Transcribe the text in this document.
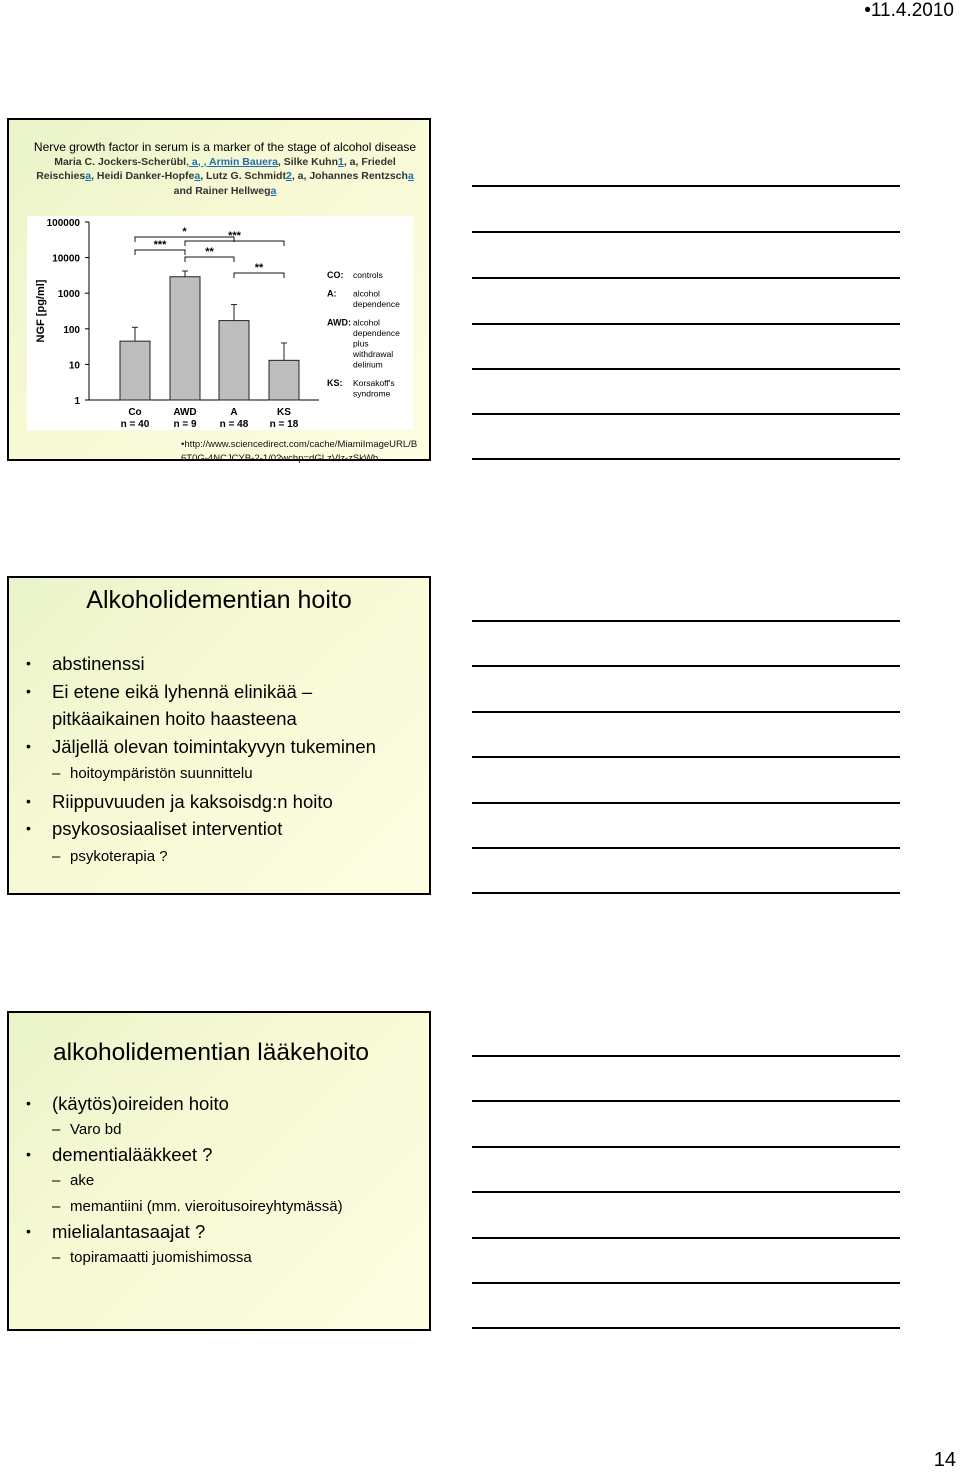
•11.4.2010
Nerve growth factor in serum is a marker of the stage of alcohol disease
Maria C. Jockers-Scherübl, a, , Armin Bauera, Silke Kuhn1, a, Friedel Reischiesa, Heidi Danker-Hopfea, Lutz G. Schmidt2, a, Johannes Rentzscha and Rainer Hellwega
100000
10000
1000
100
10
1
NGF [pg/ml]
Co
n = 40
AWD
n = 9
A
n = 48
KS
n = 18
*
***
**
***
**
CO: controls
A: alcohol dependence
AWD: alcohol dependence plus withdrawal delirium
KS: Korsakoff's syndrome
•http://www.sciencedirect.com/cache/MiamiImageURL/B
6T0G-4NCJCYB-2-1/0?wchp=dGLzVlz-zSkWb
Alkoholidementian hoito
• abstinenssi
• Ei etene eikä lyhennä elinikää –
pitkäaikainen hoito haasteena
• Jäljellä olevan toimintakyvyn tukeminen
– hoitoympäristön suunnittelu
• Riippuvuuden ja kaksoisdg:n hoito
• psykososiaaliset interventiot
– psykoterapia ?
alkoholidementian lääkehoito
• (käytös)oireiden hoito
– Varo bd
• dementialääkkeet ?
– ake
– memantiini (mm. vieroitusoireyhtymässä)
• mielialantasaajat ?
– topiramaatti juomishimossa
14
